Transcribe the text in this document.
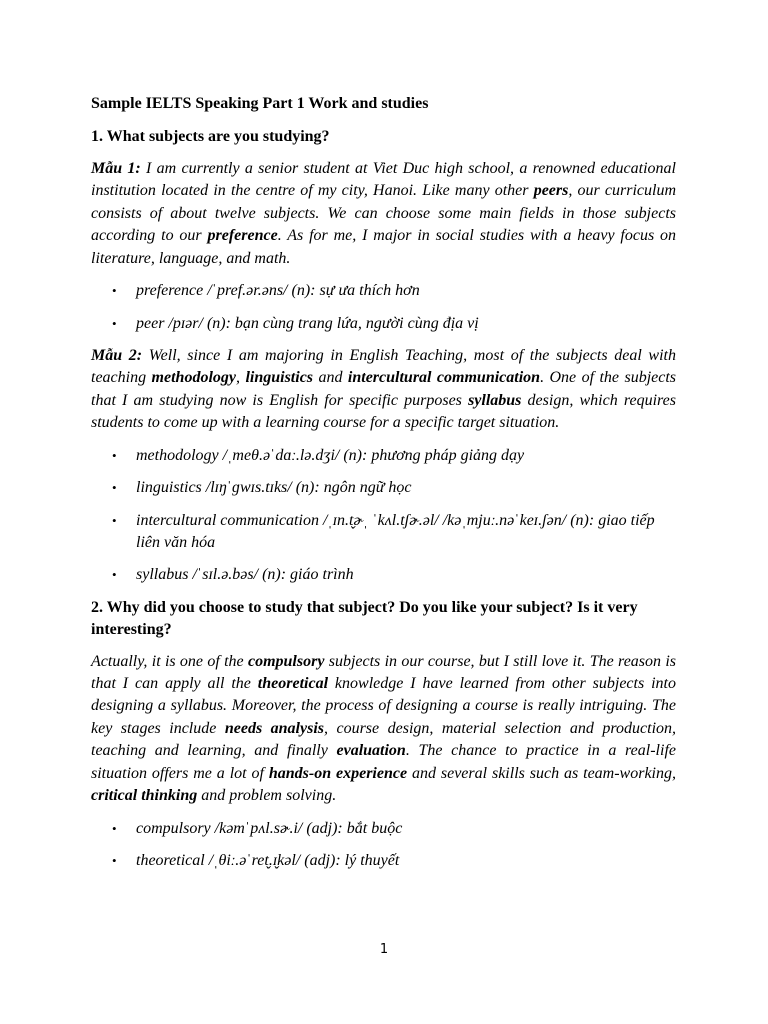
Sample IELTS Speaking Part 1 Work and studies

1. What subjects are you studying?

Mẫu 1: I am currently a senior student at Viet Duc high school, a renowned educational institution located in the centre of my city, Hanoi. Like many other peers, our curriculum consists of about twelve subjects. We can choose some main fields in those subjects according to our preference. As for me, I major in social studies with a heavy focus on literature, language, and math.

• preference /ˈpref.ər.əns/ (n): sự ưa thích hơn
• peer /pɪər/ (n): bạn cùng trang lứa, người cùng địa vị

Mẫu 2: Well, since I am majoring in English Teaching, most of the subjects deal with teaching methodology, linguistics and intercultural communication. One of the subjects that I am studying now is English for specific purposes syllabus design, which requires students to come up with a learning course for a specific target situation.

• methodology /ˌmeθ.əˈdɑː.lə.dʒi/ (n): phương pháp giảng dạy
• linguistics /lɪŋˈɡwɪs.tɪks/ (n): ngôn ngữ học
• intercultural communication /ˌɪn.t̬ɚˌ ˈkʌl.tʃɚ.əl/ /kəˌmjuː.nəˈkeɪ.ʃən/ (n): giao tiếp liên văn hóa
• syllabus /ˈsɪl.ə.bəs/ (n): giáo trình

2. Why did you choose to study that subject? Do you like your subject? Is it very interesting?

Actually, it is one of the compulsory subjects in our course, but I still love it. The reason is that I can apply all the theoretical knowledge I have learned from other subjects into designing a syllabus. Moreover, the process of designing a course is really intriguing. The key stages include needs analysis, course design, material selection and production, teaching and learning, and finally evaluation. The chance to practice in a real-life situation offers me a lot of hands-on experience and several skills such as team-working, critical thinking and problem solving.

• compulsory /kəmˈpʌl.sɚ.i/ (adj): bắt buộc
• theoretical /ˌθiː.əˈret̬.ɪ̬kəl/ (adj): lý thuyết
1
